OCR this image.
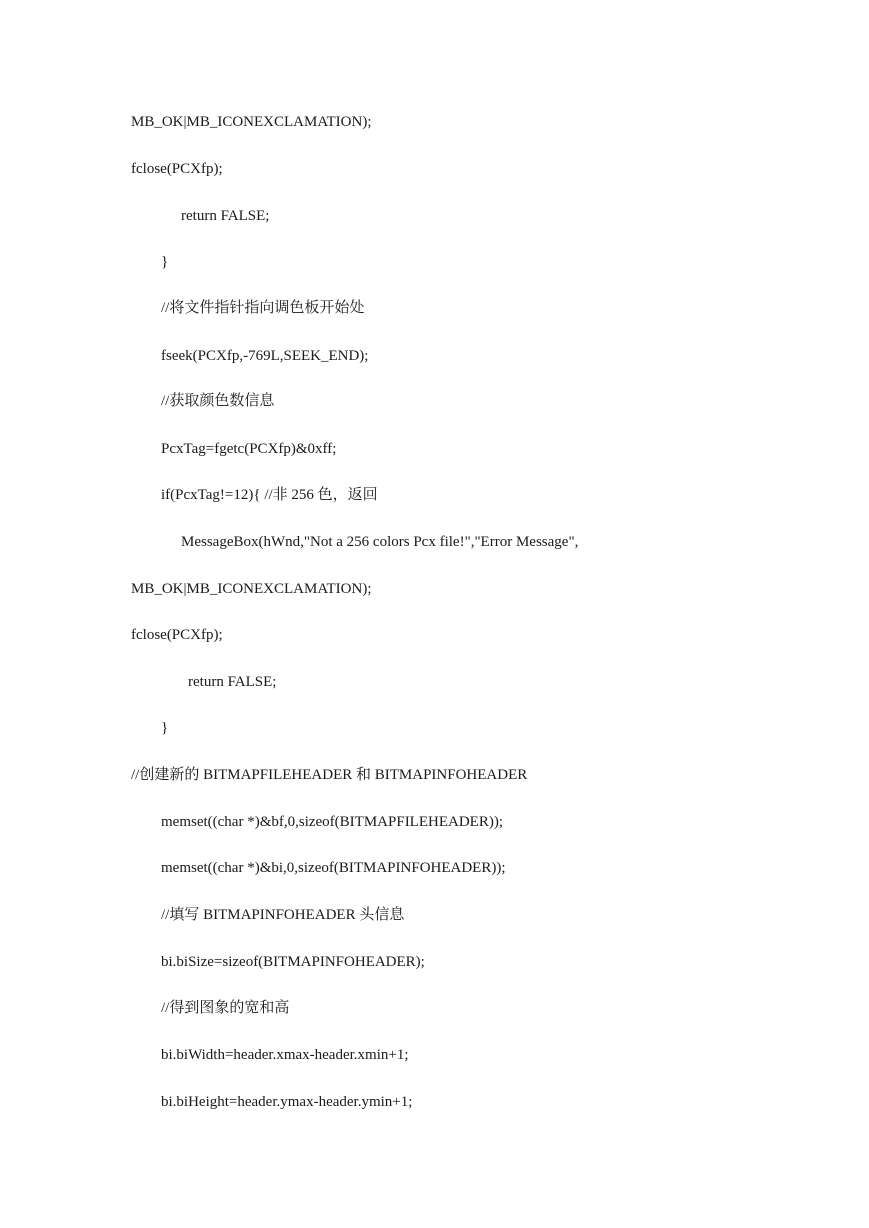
MB_OK|MB_ICONEXCLAMATION);
fclose(PCXfp);
return FALSE;
}
//将文件指针指向调色板开始处
fseek(PCXfp,-769L,SEEK_END);
//获取颜色数信息
PcxTag=fgetc(PCXfp)&0xff;
if(PcxTag!=12){ //非 256 色，返回
MessageBox(hWnd,"Not a 256 colors Pcx file!","Error Message",
MB_OK|MB_ICONEXCLAMATION);
fclose(PCXfp);
return FALSE;
}
//创建新的 BITMAPFILEHEADER 和 BITMAPINFOHEADER
memset((char *)&bf,0,sizeof(BITMAPFILEHEADER));
memset((char *)&bi,0,sizeof(BITMAPINFOHEADER));
//填写 BITMAPINFOHEADER 头信息
bi.biSize=sizeof(BITMAPINFOHEADER);
//得到图象的宽和高
bi.biWidth=header.xmax-header.xmin+1;
bi.biHeight=header.ymax-header.ymin+1;
